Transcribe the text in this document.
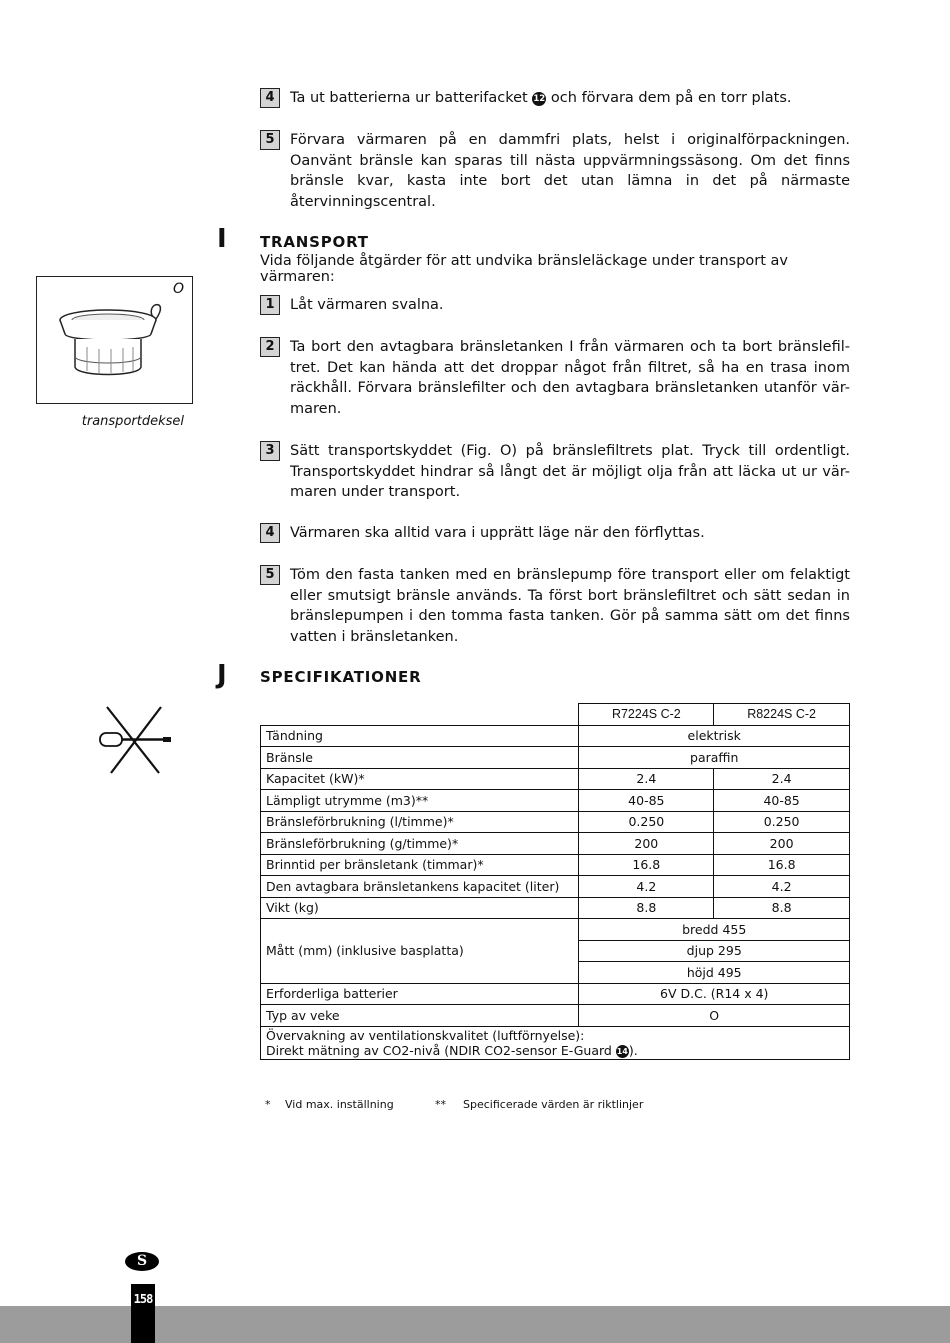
4	Ta ut batterierna ur batterifacket 12 och förvara dem på en torr plats.
5	Förvara värmaren på en dammfri plats, helst i originalförpackningen. Oanvänt bränsle kan sparas till nästa uppvärmningssäsong. Om det finns bränsle kvar, kasta inte bort det utan lämna in det på närmaste återvinningscentral.
I TRANSPORT
Vida följande åtgärder för att undvika bränsleläckage under transport av värmaren:
O
transportdeksel
1	Låt värmaren svalna.
2	Ta bort den avtagbara bränsletanken I från värmaren och ta bort bränslefil-tret. Det kan hända att det droppar något från filtret, så ha en trasa inom räckhåll. Förvara bränslefilter och den avtagbara bränsletanken utanför vär-maren.
3	Sätt transportskyddet (Fig. O) på bränslefiltrets plat. Tryck till ordentligt. Transportskyddet hindrar så långt det är möjligt olja från att läcka ut ur vär-maren under transport.
4	Värmaren ska alltid vara i upprätt läge när den förflyttas.
5	Töm den fasta tanken med en bränslepump före transport eller om felaktigt eller smutsigt bränsle används. Ta först bort bränslefiltret och sätt sedan in bränslepumpen i den tomma fasta tanken. Gör på samma sätt om det finns vatten i bränsletanken.
J SPECIFIKATIONER
	R7224S C-2	R8224S C-2
Tändning	elektrisk	
Bränsle	paraffin	
Kapacitet (kW)*	2.4	2.4
Lämpligt utrymme (m3)**	40-85	40-85
Bränsleförbrukning (l/timme)*	0.250	0.250
Bränsleförbrukning (g/timme)*	200	200
Brinntid per bränsletank (timmar)*	16.8	16.8
Den avtagbara bränsletankens kapacitet (liter)	4.2	4.2
Vikt (kg)	8.8	8.8
Mått (mm) (inklusive basplatta)	bredd 455	
	djup 295	
	höjd 495	
Erforderliga batterier	6V D.C. (R14 x 4)	
Typ av veke	O	
Övervakning av ventilationskvalitet (luftförnyelse):
Direkt mätning av CO2-nivå (NDIR CO2-sensor E-Guard 14).		
* Vid max. inställning	** Specificerade värden är riktlinjer
S
158
